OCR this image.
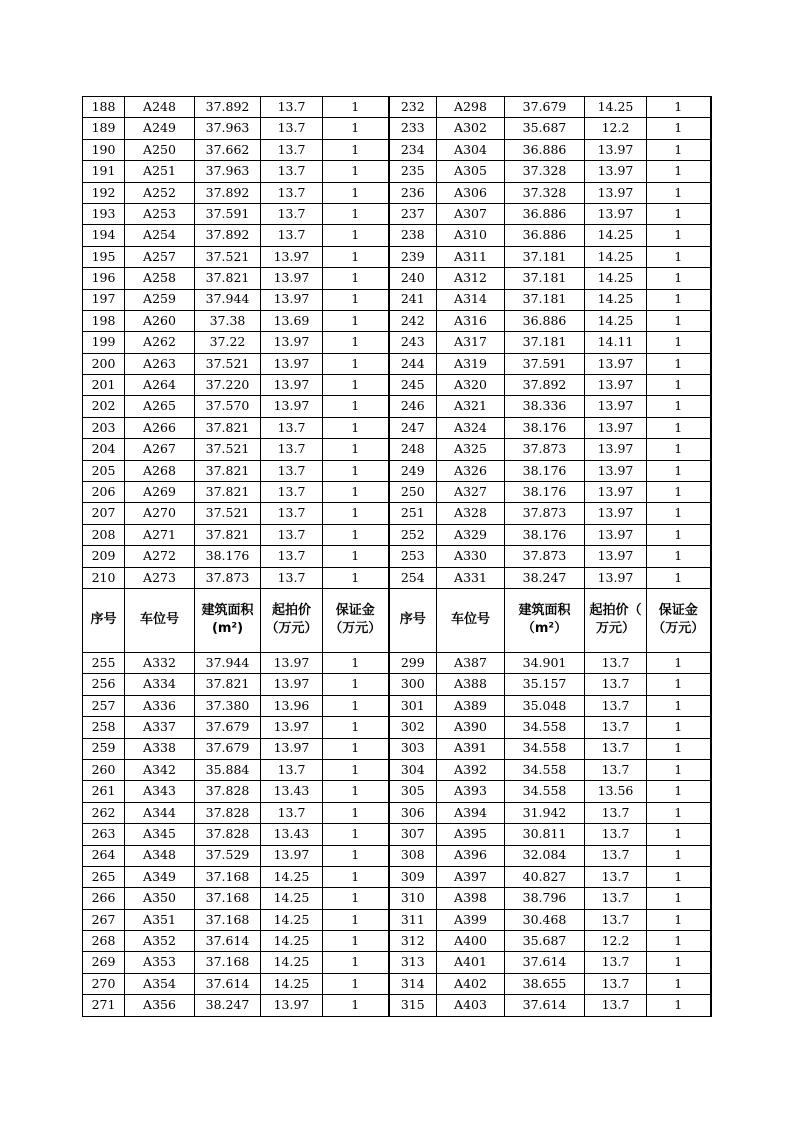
188	A248	37.892	13.7	1	232	A298	37.679	14.25	1
189	A249	37.963	13.7	1	233	A302	35.687	12.2	1
190	A250	37.662	13.7	1	234	A304	36.886	13.97	1
191	A251	37.963	13.7	1	235	A305	37.328	13.97	1
192	A252	37.892	13.7	1	236	A306	37.328	13.97	1
193	A253	37.591	13.7	1	237	A307	36.886	13.97	1
194	A254	37.892	13.7	1	238	A310	36.886	14.25	1
195	A257	37.521	13.97	1	239	A311	37.181	14.25	1
196	A258	37.821	13.97	1	240	A312	37.181	14.25	1
197	A259	37.944	13.97	1	241	A314	37.181	14.25	1
198	A260	37.38	13.69	1	242	A316	36.886	14.25	1
199	A262	37.22	13.97	1	243	A317	37.181	14.11	1
200	A263	37.521	13.97	1	244	A319	37.591	13.97	1
201	A264	37.220	13.97	1	245	A320	37.892	13.97	1
202	A265	37.570	13.97	1	246	A321	38.336	13.97	1
203	A266	37.821	13.7	1	247	A324	38.176	13.97	1
204	A267	37.521	13.7	1	248	A325	37.873	13.97	1
205	A268	37.821	13.7	1	249	A326	38.176	13.97	1
206	A269	37.821	13.7	1	250	A327	38.176	13.97	1
207	A270	37.521	13.7	1	251	A328	37.873	13.97	1
208	A271	37.821	13.7	1	252	A329	38.176	13.97	1
209	A272	38.176	13.7	1	253	A330	37.873	13.97	1
210	A273	37.873	13.7	1	254	A331	38.247	13.97	1
序号	车位号	建筑面积(m²)	起拍价（万元）	保证金（万元）	序号	车位号	建筑面积（m²）	起拍价（　万元）	保证金（万元）
255	A332	37.944	13.97	1	299	A387	34.901	13.7	1
256	A334	37.821	13.97	1	300	A388	35.157	13.7	1
257	A336	37.380	13.96	1	301	A389	35.048	13.7	1
258	A337	37.679	13.97	1	302	A390	34.558	13.7	1
259	A338	37.679	13.97	1	303	A391	34.558	13.7	1
260	A342	35.884	13.7	1	304	A392	34.558	13.7	1
261	A343	37.828	13.43	1	305	A393	34.558	13.56	1
262	A344	37.828	13.7	1	306	A394	31.942	13.7	1
263	A345	37.828	13.43	1	307	A395	30.811	13.7	1
264	A348	37.529	13.97	1	308	A396	32.084	13.7	1
265	A349	37.168	14.25	1	309	A397	40.827	13.7	1
266	A350	37.168	14.25	1	310	A398	38.796	13.7	1
267	A351	37.168	14.25	1	311	A399	30.468	13.7	1
268	A352	37.614	14.25	1	312	A400	35.687	12.2	1
269	A353	37.168	14.25	1	313	A401	37.614	13.7	1
270	A354	37.614	14.25	1	314	A402	38.655	13.7	1
271	A356	38.247	13.97	1	315	A403	37.614	13.7	1
